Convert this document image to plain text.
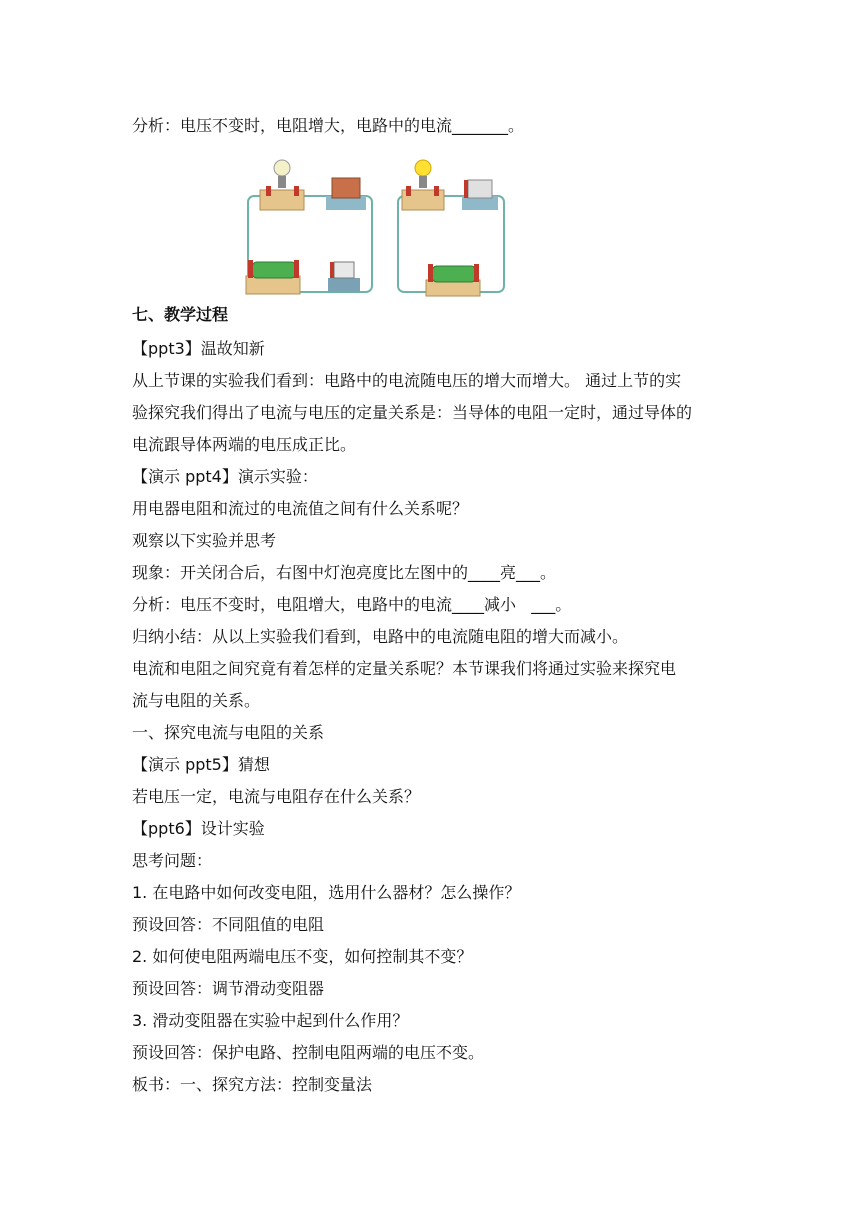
分析：电压不变时，电阻增大，电路中的电流_______。
七、教学过程
【ppt3】温故知新
从上节课的实验我们看到：电路中的电流随电压的增大而增大。 通过上节的实
验探究我们得出了电流与电压的定量关系是：当导体的电阻一定时，通过导体的
电流跟导体两端的电压成正比。
【演示 ppt4】演示实验：
用电器电阻和流过的电流值之间有什么关系呢？
观察以下实验并思考
现象：开关闭合后，右图中灯泡亮度比左图中的____亮___。
分析：电压不变时，电阻增大，电路中的电流____减小   ___。
归纳小结：从以上实验我们看到，电路中的电流随电阻的增大而减小。
电流和电阻之间究竟有着怎样的定量关系呢？本节课我们将通过实验来探究电
流与电阻的关系。
一、探究电流与电阻的关系
【演示 ppt5】猜想
若电压一定，电流与电阻存在什么关系？
【ppt6】设计实验
思考问题：
1. 在电路中如何改变电阻，选用什么器材？怎么操作？
预设回答：不同阻值的电阻
2. 如何使电阻两端电压不变，如何控制其不变？
预设回答：调节滑动变阻器
3. 滑动变阻器在实验中起到什么作用？
预设回答：保护电路、控制电阻两端的电压不变。
板书：一、探究方法：控制变量法
